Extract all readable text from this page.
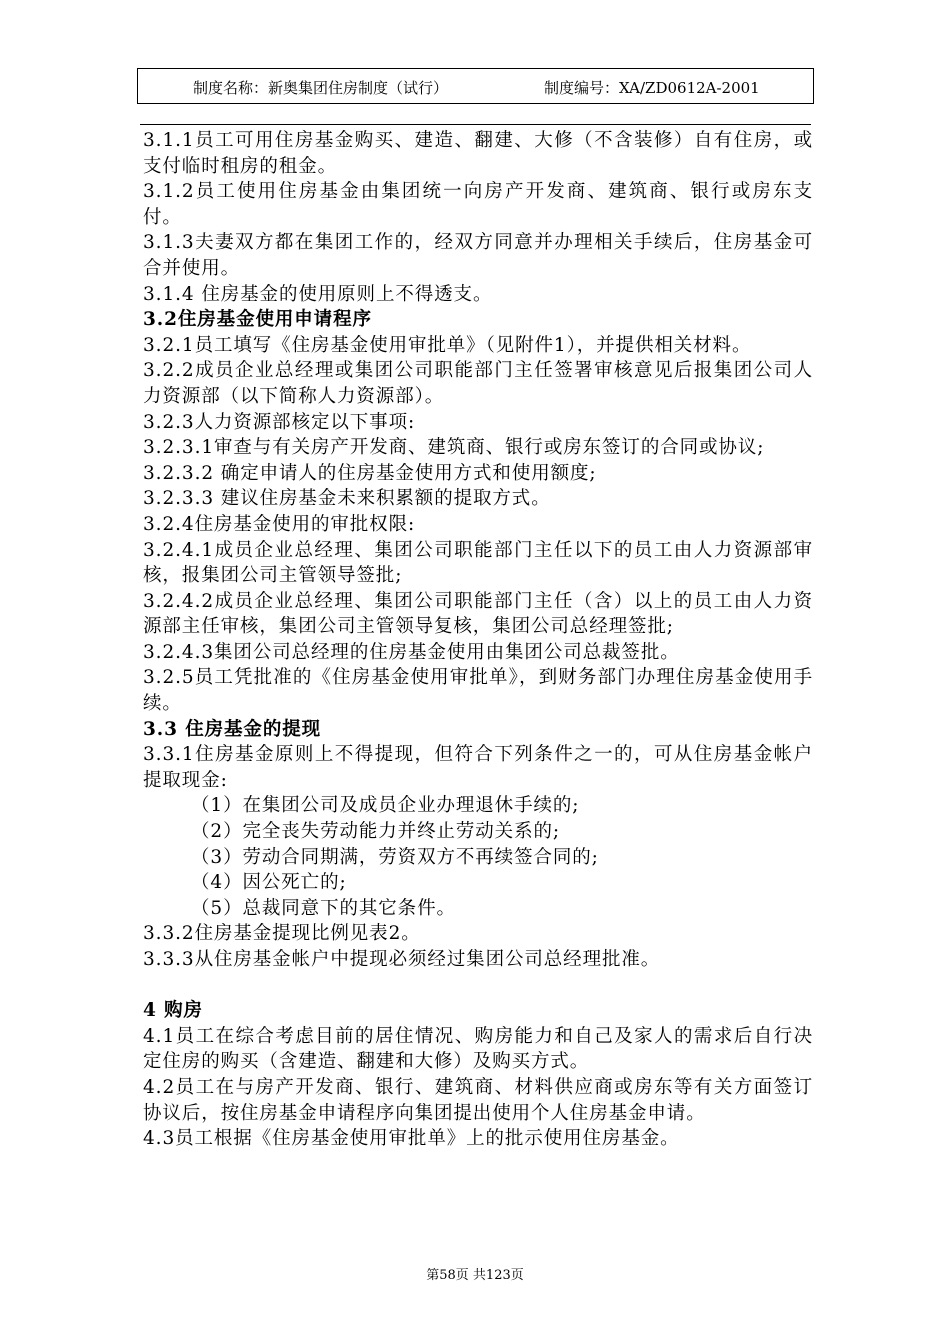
制度名称：新奥集团住房制度（试行）	制度编号：XA/ZD0612A-2001

3.1.1员工可用住房基金购买、建造、翻建、大修（不含装修）自有住房，或支付临时租房的租金。

3.1.2员工使用住房基金由集团统一向房产开发商、建筑商、银行或房东支付。

3.1.3夫妻双方都在集团工作的，经双方同意并办理相关手续后，住房基金可合并使用。

3.1.4 住房基金的使用原则上不得透支。

3.2住房基金使用申请程序

3.2.1员工填写《住房基金使用审批单》（见附件1），并提供相关材料。

3.2.2成员企业总经理或集团公司职能部门主任签署审核意见后报集团公司人力资源部（以下简称人力资源部）。

3.2.3人力资源部核定以下事项:

3.2.3.1审查与有关房产开发商、建筑商、银行或房东签订的合同或协议;

3.2.3.2 确定申请人的住房基金使用方式和使用额度;

3.2.3.3 建议住房基金未来积累额的提取方式。

3.2.4住房基金使用的审批权限:

3.2.4.1成员企业总经理、集团公司职能部门主任以下的员工由人力资源部审核，报集团公司主管领导签批;

3.2.4.2成员企业总经理、集团公司职能部门主任（含）以上的员工由人力资源部主任审核，集团公司主管领导复核，集团公司总经理签批;

3.2.4.3集团公司总经理的住房基金使用由集团公司总裁签批。

3.2.5员工凭批准的《住房基金使用审批单》，到财务部门办理住房基金使用手续。

3.3 住房基金的提现

3.3.1住房基金原则上不得提现，但符合下列条件之一的，可从住房基金帐户提取现金:

（1）在集团公司及成员企业办理退休手续的;

（2）完全丧失劳动能力并终止劳动关系的;

（3）劳动合同期满，劳资双方不再续签合同的;

（4）因公死亡的;

（5）总裁同意下的其它条件。

3.3.2住房基金提现比例见表2。

3.3.3从住房基金帐户中提现必须经过集团公司总经理批准。

4 购房

4.1员工在综合考虑目前的居住情况、购房能力和自己及家人的需求后自行决定住房的购买（含建造、翻建和大修）及购买方式。

4.2员工在与房产开发商、银行、建筑商、材料供应商或房东等有关方面签订协议后，按住房基金申请程序向集团提出使用个人住房基金申请。

4.3员工根据《住房基金使用审批单》上的批示使用住房基金。

第58页 共123页
